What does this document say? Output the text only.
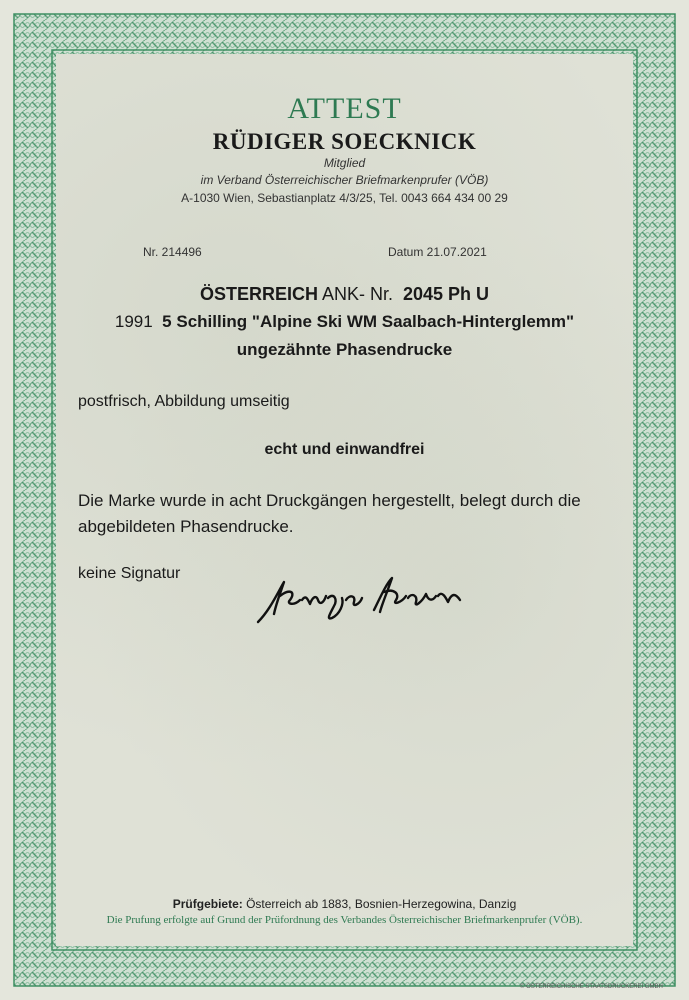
ATTEST
RÜDIGER SOECKNICK
Mitglied
im Verband Österreichischer Briefmarkenprufer (VÖB)
A-1030 Wien, Sebastianplatz 4/3/25, Tel. 0043 664 434 00 29
Nr. 214496	Datum 21.07.2021
ÖSTERREICH ANK- Nr. 2045 Ph U
1991 5 Schilling "Alpine Ski WM Saalbach-Hinterglemm"
ungezähnte Phasendrucke
postfrisch, Abbildung umseitig
echt und einwandfrei
Die Marke wurde in acht Druckgängen hergestellt, belegt durch die abgebildeten Phasendrucke.
keine Signatur
Prüfgebiete: Österreich ab 1883, Bosnien-Herzegowina, Danzig
Die Prufung erfolgte auf Grund der Prüfordnung des Verbandes Österreichischer Briefmarkenprufer (VÖB).
© ÖSTERREICHISCHE STAATSDRUCKEREI GMBH
